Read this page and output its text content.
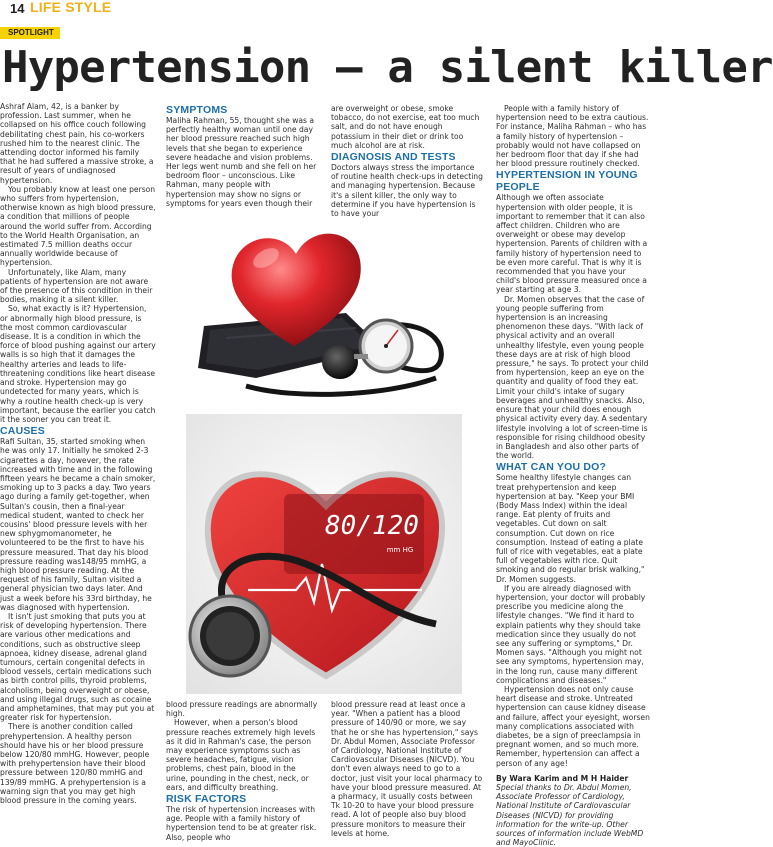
14 LIFE STYLE
SPOTLIGHT
Hypertension – a silent killer

Ashraf Alam, 42, is a banker by profession. Last summer, when he collapsed on his office couch following debilitating chest pain, his co-workers rushed him to the nearest clinic. The attending doctor informed his family that he had suffered a massive stroke, a result of years of undiagnosed hypertension.

You probably know at least one person who suffers from hypertension, otherwise known as high blood pressure, a condition that millions of people around the world suffer from. According to the World Health Organisation, an estimated 7.5 million deaths occur annually worldwide because of hypertension.

Unfortunately, like Alam, many patients of hypertension are not aware of the presence of this condition in their bodies, making it a silent killer.

So, what exactly is it? Hypertension, or abnormally high blood pressure, is the most common cardiovascular disease. It is a condition in which the force of blood pushing against our artery walls is so high that it damages the healthy arteries and leads to life-threatening conditions like heart disease and stroke. Hypertension may go undetected for many years, which is why a routine health check-up is very important, because the earlier you catch it the sooner you can treat it.

CAUSES

Rafi Sultan, 35, started smoking when he was only 17. Initially he smoked 2-3 cigarettes a day, however, the rate increased with time and in the following fifteen years he became a chain smoker, smoking up to 3 packs a day. Two years ago during a family get-together, when Sultan's cousin, then a final-year medical student, wanted to check her cousins' blood pressure levels with her new sphygmomanometer, he volunteered to be the first to have his pressure measured. That day his blood pressure reading was148/95 mmHG, a high blood pressure reading. At the request of his family, Sultan visited a general physician two days later. And just a week before his 33rd birthday, he was diagnosed with hypertension.

It isn't just smoking that puts you at risk of developing hypertension. There are various other medications and conditions, such as obstructive sleep apnoea, kidney disease, adrenal gland tumours, certain congenital defects in blood vessels, certain medications such as birth control pills, thyroid problems, alcoholism, being overweight or obese, and using illegal drugs, such as cocaine and amphetamines, that may put you at greater risk for hypertension.

There is another condition called prehypertension. A healthy person should have his or her blood pressure below 120/80 mmHG. However, people with prehypertension have their blood pressure between 120/80 mmHG and 139/89 mmHG. A prehypertension is a warning sign that you may get high blood pressure in the coming years.

SYMPTOMS

Maliha Rahman, 55, thought she was a perfectly healthy woman until one day her blood pressure reached such high levels that she began to experience severe headache and vision problems. Her legs went numb and she fell on her bedroom floor – unconscious. Like Rahman, many people with hypertension may show no signs or symptoms for years even though their

are overweight or obese, smoke tobacco, do not exercise, eat too much salt, and do not have enough potassium in their diet or drink too much alcohol are at risk.

DIAGNOSIS AND TESTS

Doctors always stress the importance of routine health check-ups in detecting and managing hypertension. Because it's a silent killer, the only way to determine if you have hypertension is to have your

80/120
mm HG

blood pressure readings are abnormally high.

However, when a person's blood pressure reaches extremely high levels as it did in Rahman's case, the person may experience symptoms such as severe headaches, fatigue, vision problems, chest pain, blood in the urine, pounding in the chest, neck, or ears, and difficulty breathing.

RISK FACTORS

The risk of hypertension increases with age. People with a family history of hypertension tend to be at greater risk. Also, people who

blood pressure read at least once a year. "When a patient has a blood pressure of 140/90 or more, we say that he or she has hypertension," says Dr. Abdul Momen, Associate Professor of Cardiology, National Institute of Cardiovascular Diseases (NICVD). You don't even always need to go to a doctor, just visit your local pharmacy to have your blood pressure measured. At a pharmacy, it usually costs between Tk 10-20 to have your blood pressure read. A lot of people also buy blood pressure monitors to measure their levels at home.

People with a family history of hypertension need to be extra cautious. For instance, Maliha Rahman – who has a family history of hypertension – probably would not have collapsed on her bedroom floor that day if she had her blood pressure routinely checked.

HYPERTENSION IN YOUNG PEOPLE

Although we often associate hypertension with older people, it is important to remember that it can also affect children. Children who are overweight or obese may develop hypertension. Parents of children with a family history of hypertension need to be even more careful. That is why it is recommended that you have your child's blood pressure measured once a year starting at age 3.

Dr. Momen observes that the case of young people suffering from hypertension is an increasing phenomenon these days. "With lack of physical activity and an overall unhealthy lifestyle, even young people these days are at risk of high blood pressure," he says. To protect your child from hypertension, keep an eye on the quantity and quality of food they eat. Limit your child's intake of sugary beverages and unhealthy snacks. Also, ensure that your child does enough physical activity every day. A sedentary lifestyle involving a lot of screen-time is responsible for rising childhood obesity in Bangladesh and also other parts of the world.

WHAT CAN YOU DO?

Some healthy lifestyle changes can treat prehypertension and keep hypertension at bay. "Keep your BMI (Body Mass Index) within the ideal range. Eat plenty of fruits and vegetables. Cut down on salt consumption. Cut down on rice consumption. Instead of eating a plate full of rice with vegetables, eat a plate full of vegetables with rice. Quit smoking and do regular brisk walking," Dr. Momen suggests.

If you are already diagnosed with hypertension, your doctor will probably prescribe you medicine along the lifestyle changes. "We find it hard to explain patients why they should take medication since they usually do not see any suffering or symptoms," Dr. Momen says. "Although you might not see any symptoms, hypertension may, in the long run, cause many different complications and diseases."

Hypertension does not only cause heart disease and stroke. Untreated hypertension can cause kidney disease and failure, affect your eyesight, worsen many complications associated with diabetes, be a sign of preeclampsia in pregnant women, and so much more. Remember, hypertension can affect a person of any age!

By Wara Karim and M H Haider

Special thanks to Dr. Abdul Momen, Associate Professor of Cardiology, National Institute of Cardiovascular Diseases (NICVD) for providing information for the write-up. Other sources of information include WebMD and MayoClinic.
